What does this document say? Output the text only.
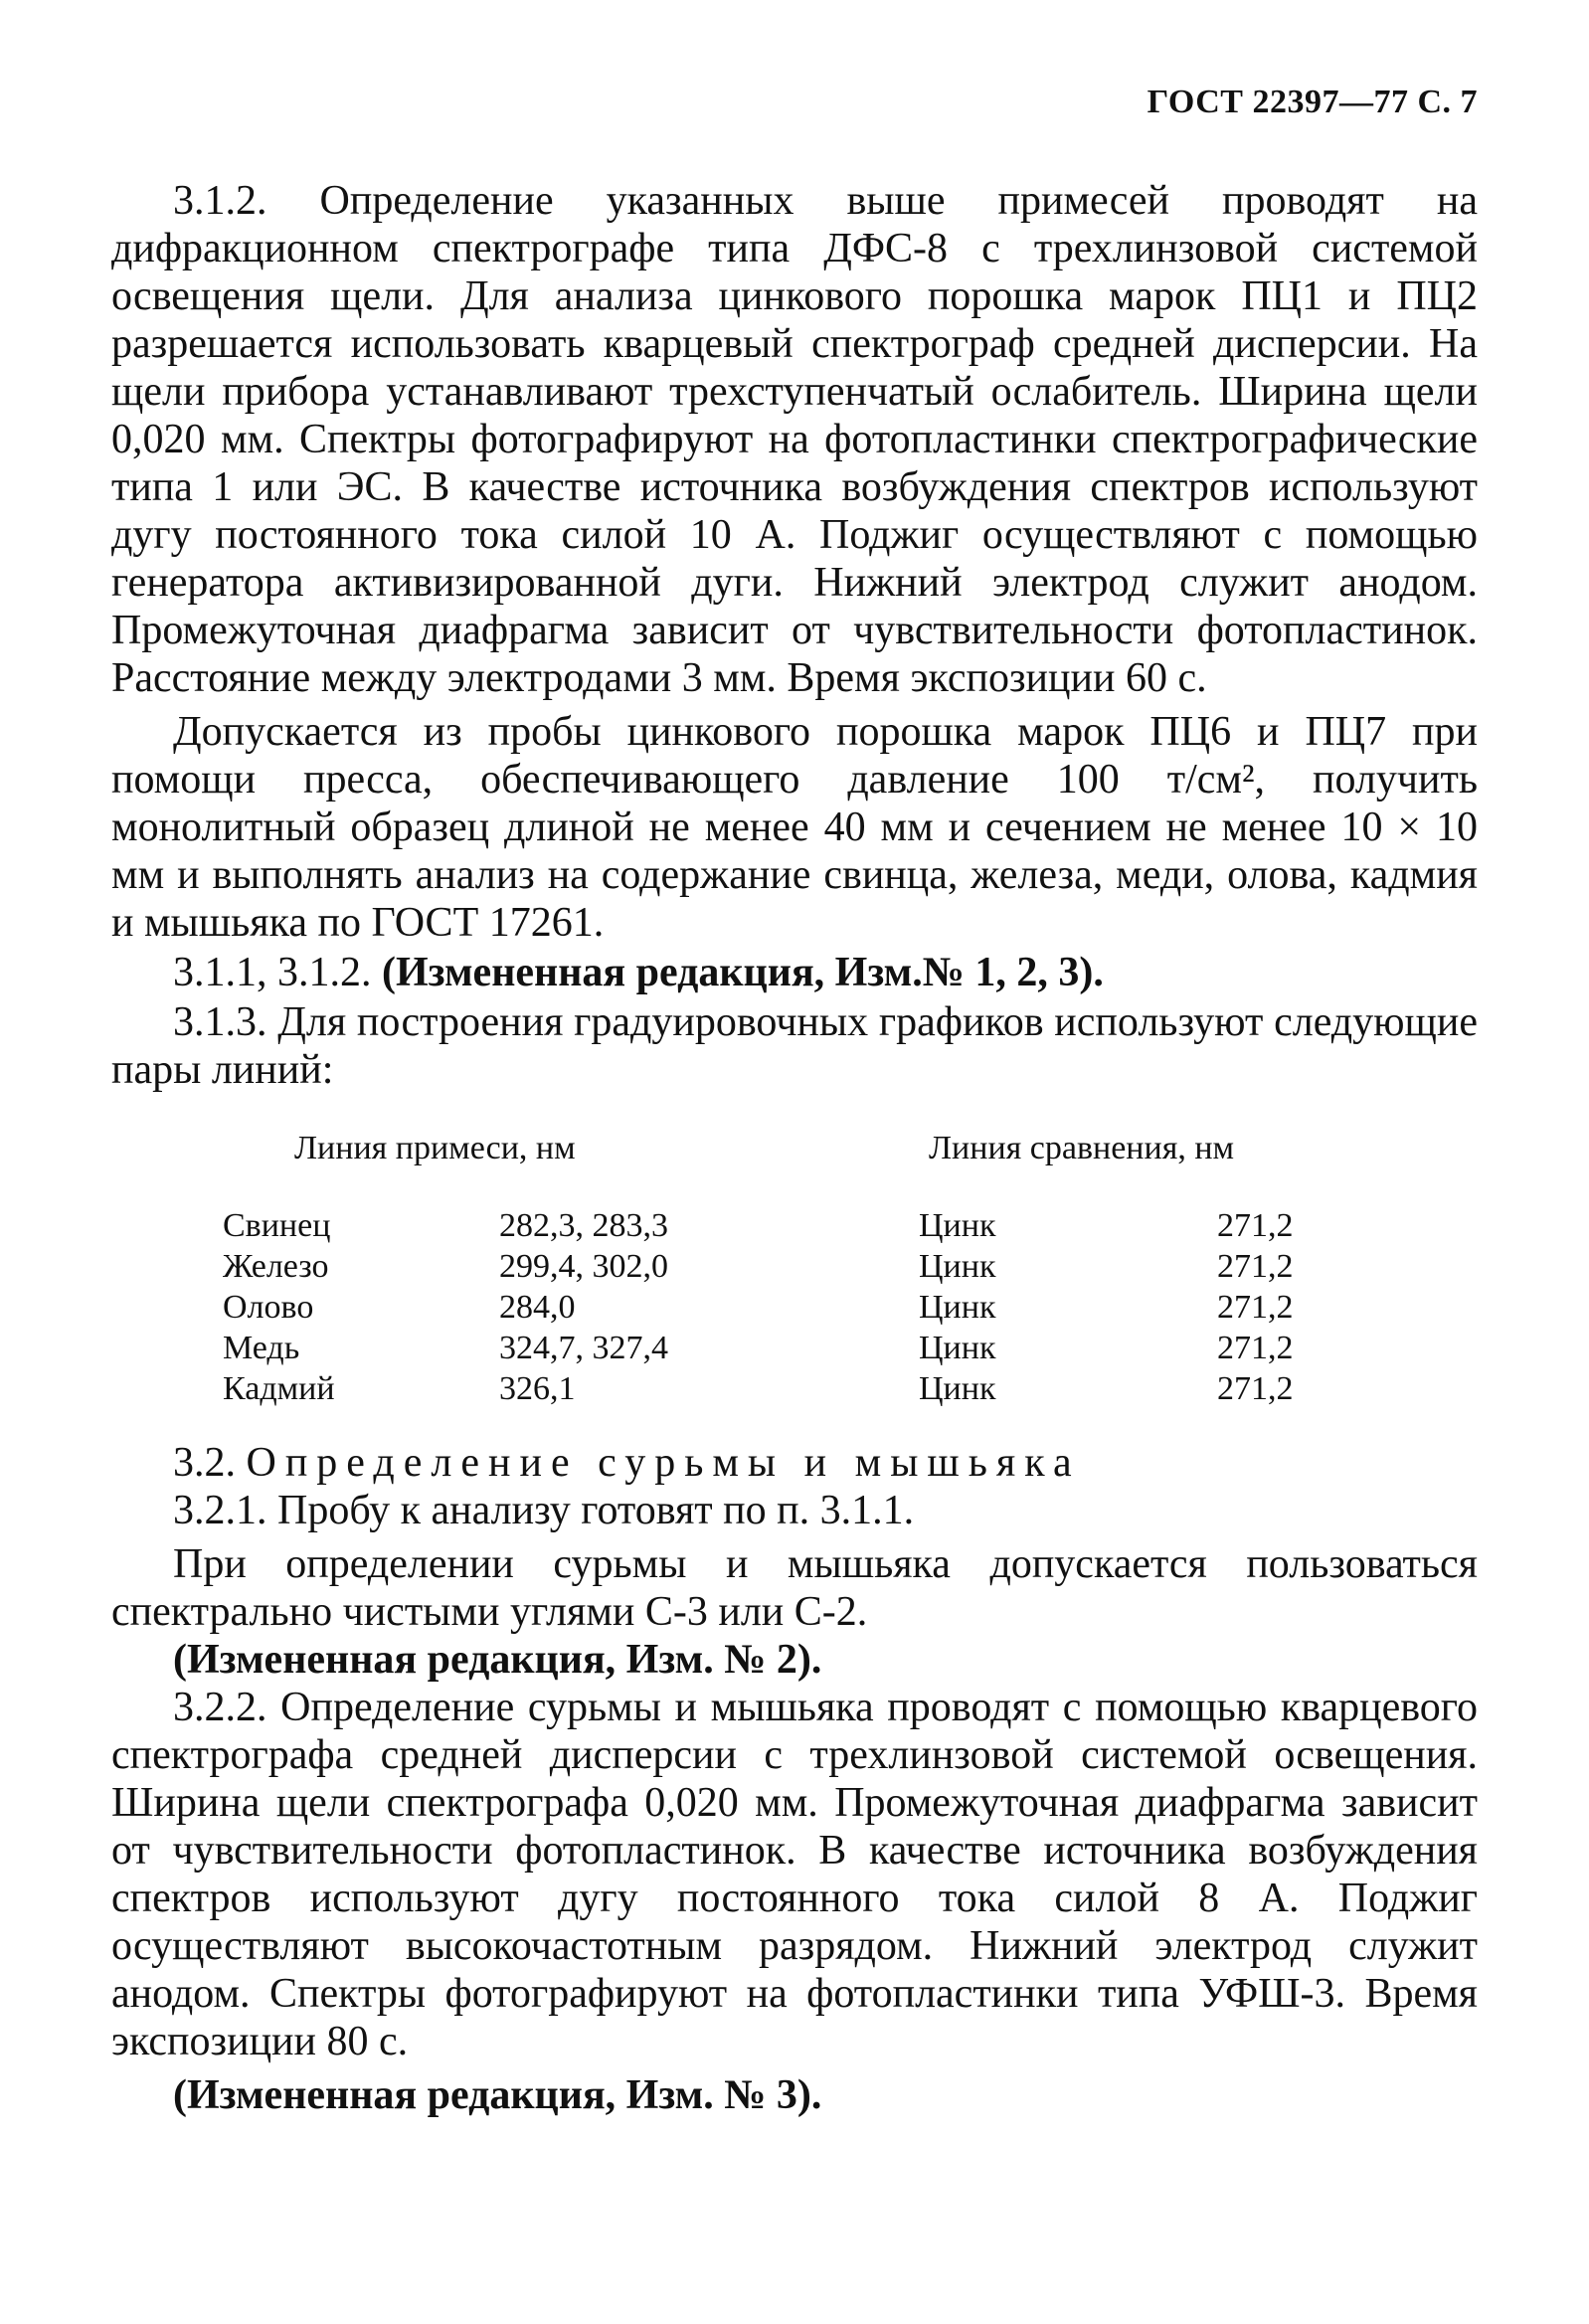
ГОСТ 22397—77 С. 7

3.1.2. Определение указанных выше примесей проводят на дифракционном спектрографе типа ДФС-8 с трехлинзовой системой освещения щели. Для анализа цинкового порошка марок ПЦ1 и ПЦ2 разрешается использовать кварцевый спектрограф средней дисперсии. На щели прибора устанавливают трехступенчатый ослабитель. Ширина щели 0,020 мм. Спектры фотографируют на фотопластинки спектрографические типа 1 или ЭС. В качестве источника возбуждения спектров используют дугу постоянного тока силой 10 А. Поджиг осуществляют с помощью генератора активизированной дуги. Нижний электрод служит анодом. Промежуточная диафрагма зависит от чувствительности фотопластинок. Расстояние между электродами 3 мм. Время экспозиции 60 с.

Допускается из пробы цинкового порошка марок ПЦ6 и ПЦ7 при помощи пресса, обеспечивающего давление 100 т/см², получить монолитный образец длиной не менее 40 мм и сечением не менее 10 × 10 мм и выполнять анализ на содержание свинца, железа, меди, олова, кадмия и мышьяка по ГОСТ 17261.

3.1.1, 3.1.2. (Измененная редакция, Изм.№ 1, 2, 3).

3.1.3. Для построения градуировочных графиков используют следующие пары линий:

Линия примеси, нм	Линия сравнения, нм
Свинец	282,3, 283,3	Цинк	271,2
Железо	299,4, 302,0	Цинк	271,2
Олово	284,0	Цинк	271,2
Медь	324,7, 327,4	Цинк	271,2
Кадмий	326,1	Цинк	271,2

3.2. Определение сурьмы и мышьяка

3.2.1. Пробу к анализу готовят по п. 3.1.1.

При определении сурьмы и мышьяка допускается пользоваться спектрально чистыми углями С-3 или С-2.

(Измененная редакция, Изм. № 2).

3.2.2. Определение сурьмы и мышьяка проводят с помощью кварцевого спектрографа средней дисперсии с трехлинзовой системой освещения. Ширина щели спектрографа 0,020 мм. Промежуточная диафрагма зависит от чувствительности фотопластинок. В качестве источника возбуждения спектров используют дугу постоянного тока силой 8 А. Поджиг осуществляют высокочастотным разрядом. Нижний электрод служит анодом. Спектры фотографируют на фотопластинки типа УФШ-3. Время экспозиции 80 с.

(Измененная редакция, Изм. № 3).
